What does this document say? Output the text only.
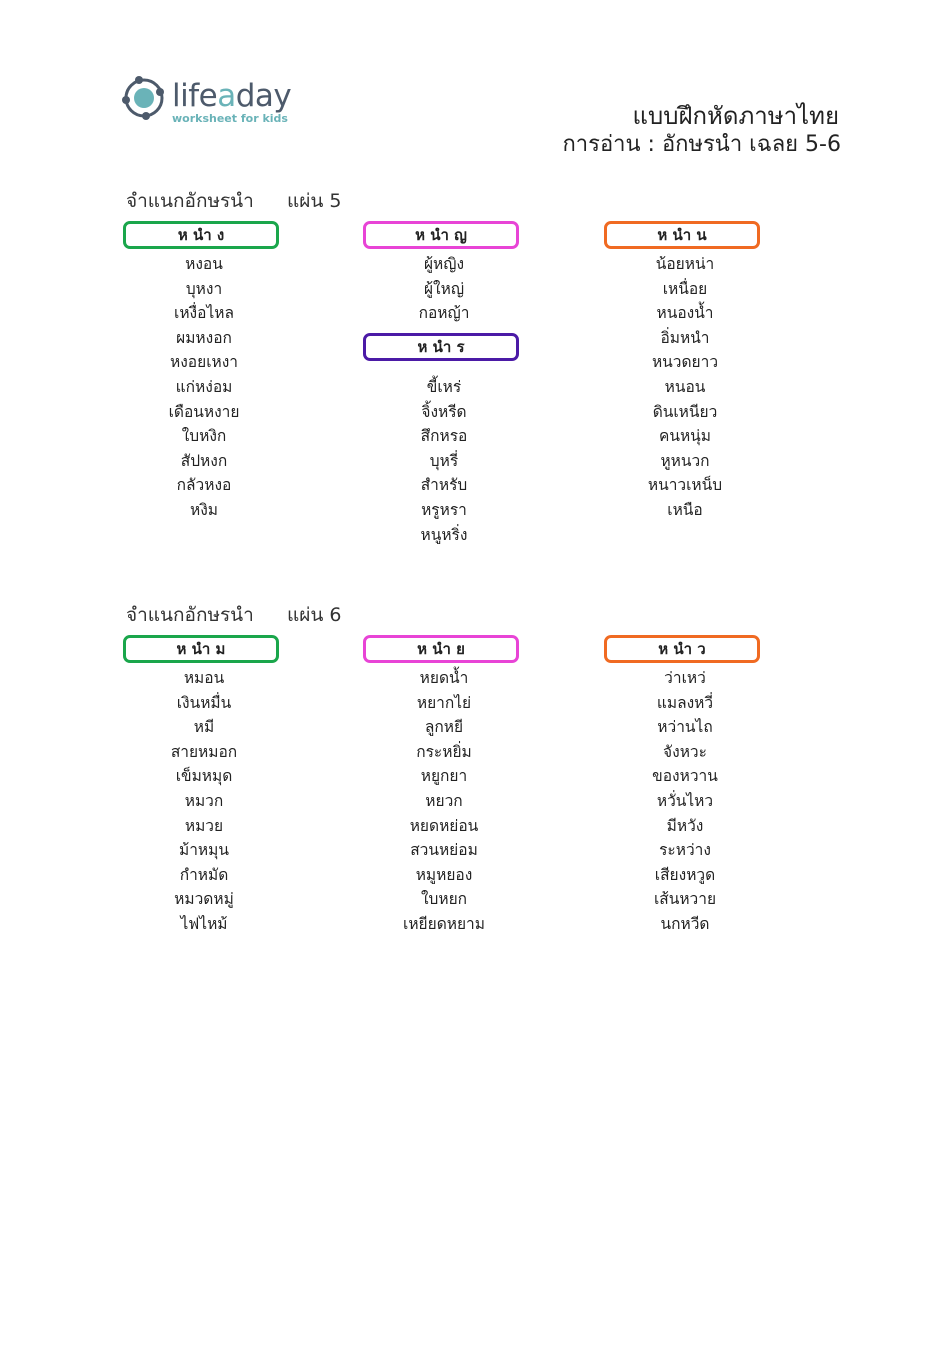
lifeaday
worksheet for kids	แบบฝึกหัดภาษาไทย
การอ่าน : อักษรนำ เฉลย 5-6
จำแนกอักษรนำ แผ่น 5
ห นำ ง
หงอน
บุหงา
เหงื่อไหล
ผมหงอก
หงอยเหงา
แก่หง่อม
เดือนหงาย
ใบหงิก
สัปหงก
กลัวหงอ
หงิม
ห นำ ญ
ผู้หญิง
ผู้ใหญ่
กอหญ้า
ห นำ ร
ขี้เหร่
จิ้งหรีด
สึกหรอ
บุหรี่
สำหรับ
หรูหรา
หนูหริ่ง
ห นำ น
น้อยหน่า
เหนื่อย
หนองน้ำ
อิ่มหนำ
หนวดยาว
หนอน
ดินเหนียว
คนหนุ่ม
หูหนวก
หนาวเหน็บ
เหนือ
จำแนกอักษรนำ แผ่น 6
ห นำ ม
หมอน
เงินหมื่น
หมี
สายหมอก
เข็มหมุด
หมวก
หมวย
ม้าหมุน
กำหมัด
หมวดหมู่
ไฟไหม้
ห นำ ย
หยดน้ำ
หยากไย่
ลูกหยี
กระหยิ่ม
หยูกยา
หยวก
หยดหย่อน
สวนหย่อม
หมูหยอง
ใบหยก
เหยียดหยาม
ห นำ ว
ว่าเหว่
แมลงหวี่
หว่านไถ
จังหวะ
ของหวาน
หวั่นไหว
มีหวัง
ระหว่าง
เสียงหวูด
เส้นหวาย
นกหวีด
